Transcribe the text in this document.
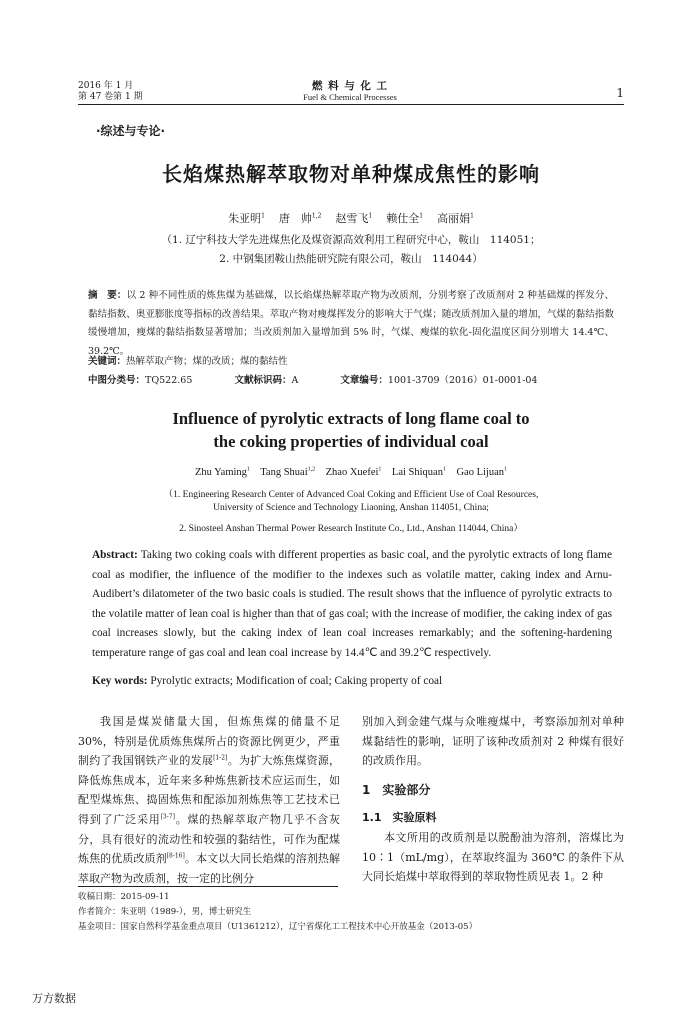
2016 年 1 月
第 47 卷第 1 期
燃 料 与 化 工
Fuel & Chemical Processes	1
·综述与专论·
长焰煤热解萃取物对单种煤成焦性的影响
朱亚明$^1$ 唐　帅$^{1,2}$ 赵雪飞$^1$ 赖仕全$^1$ 高丽娟$^1$
（1. 辽宁科技大学先进煤焦化及煤资源高效利用工程研究中心，鞍山　114051；
2. 中钢集团鞍山热能研究院有限公司，鞍山　114044）
摘　要：以 2 种不同性质的炼焦煤为基础煤，以长焰煤热解萃取产物为改质剂，分别考察了改质剂对 2 种基础煤的挥发分、黏结指数、奥亚膨胀度等指标的改善结果。萃取产物对瘦煤挥发分的影响大于气煤；随改质剂加入量的增加，气煤的黏结指数缓慢增加，瘦煤的黏结指数显著增加；当改质剂加入量增加到 5% 时，气煤、瘦煤的软化-固化温度区间分别增大 14.4℃、39.2℃。
关键词：热解萃取产物；煤的改质；煤的黏结性
中图分类号：TQ522.65	文献标识码：A	文章编号：1001-3709（2016）01-0001-04
Influence of pyrolytic extracts of long flame coal to
the coking properties of individual coal
Zhu Yaming$^1$ Tang Shuai$^{1,2}$ Zhao Xuefei$^1$ Lai Shiquan$^1$ Gao Lijuan$^1$
（1. Engineering Research Center of Advanced Coal Coking and Efficient Use of Coal Resources,
University of Science and Technology Liaoning, Anshan 114051, China;
2. Sinosteel Anshan Thermal Power Research Institute Co., Ltd., Anshan 114044, China）
Abstract: Taking two coking coals with different properties as basic coal, and the pyrolytic extracts of long flame coal as modifier, the influence of the modifier to the indexes such as volatile matter, caking index and Arnu-Audibert’s dilatometer of the two basic coals is studied. The result shows that the influence of pyrolytic extracts to the volatile matter of lean coal is higher than that of gas coal; with the increase of modifier, the caking index of gas coal increases slowly, but the caking index of lean coal increases remarkably; and the softening-hardening temperature range of gas coal and lean coal increase by 14.4℃ and 39.2℃ respectively.
Key words: Pyrolytic extracts; Modification of coal; Caking property of coal

我国是煤炭储量大国，但炼焦煤的储量不足 30%，特别是优质炼焦煤所占的资源比例更少，严重制约了我国钢铁产业的发展[1-2]。为扩大炼焦煤资源，降低炼焦成本，近年来多种炼焦新技术应运而生，如配型煤炼焦、捣固炼焦和配添加剂炼焦等工艺技术已得到了广泛采用[3-7]。煤的热解萃取产物几乎不含灰分，具有很好的流动性和较强的黏结性，可作为配煤炼焦的优质改质剂[8-16]。本文以大同长焰煤的溶剂热解萃取产物为改质剂，按一定的比例分

别加入到金建气煤与众唯瘦煤中，考察添加剂对单种煤黏结性的影响，证明了该种改质剂对 2 种煤有很好的改质作用。

1　实验部分
1.1　实验原料

本文所用的改质剂是以脱酚油为溶剂，溶煤比为 10∶1（mL/mg），在萃取终温为 360℃ 的条件下从大同长焰煤中萃取得到的萃取物性质见表 1。2 种

收稿日期：2015-09-11
作者简介：朱亚明（1989-），男，博士研究生
基金项目：国家自然科学基金重点项目（U1361212），辽宁省煤化工工程技术中心开放基金（2013-05）
万方数据
